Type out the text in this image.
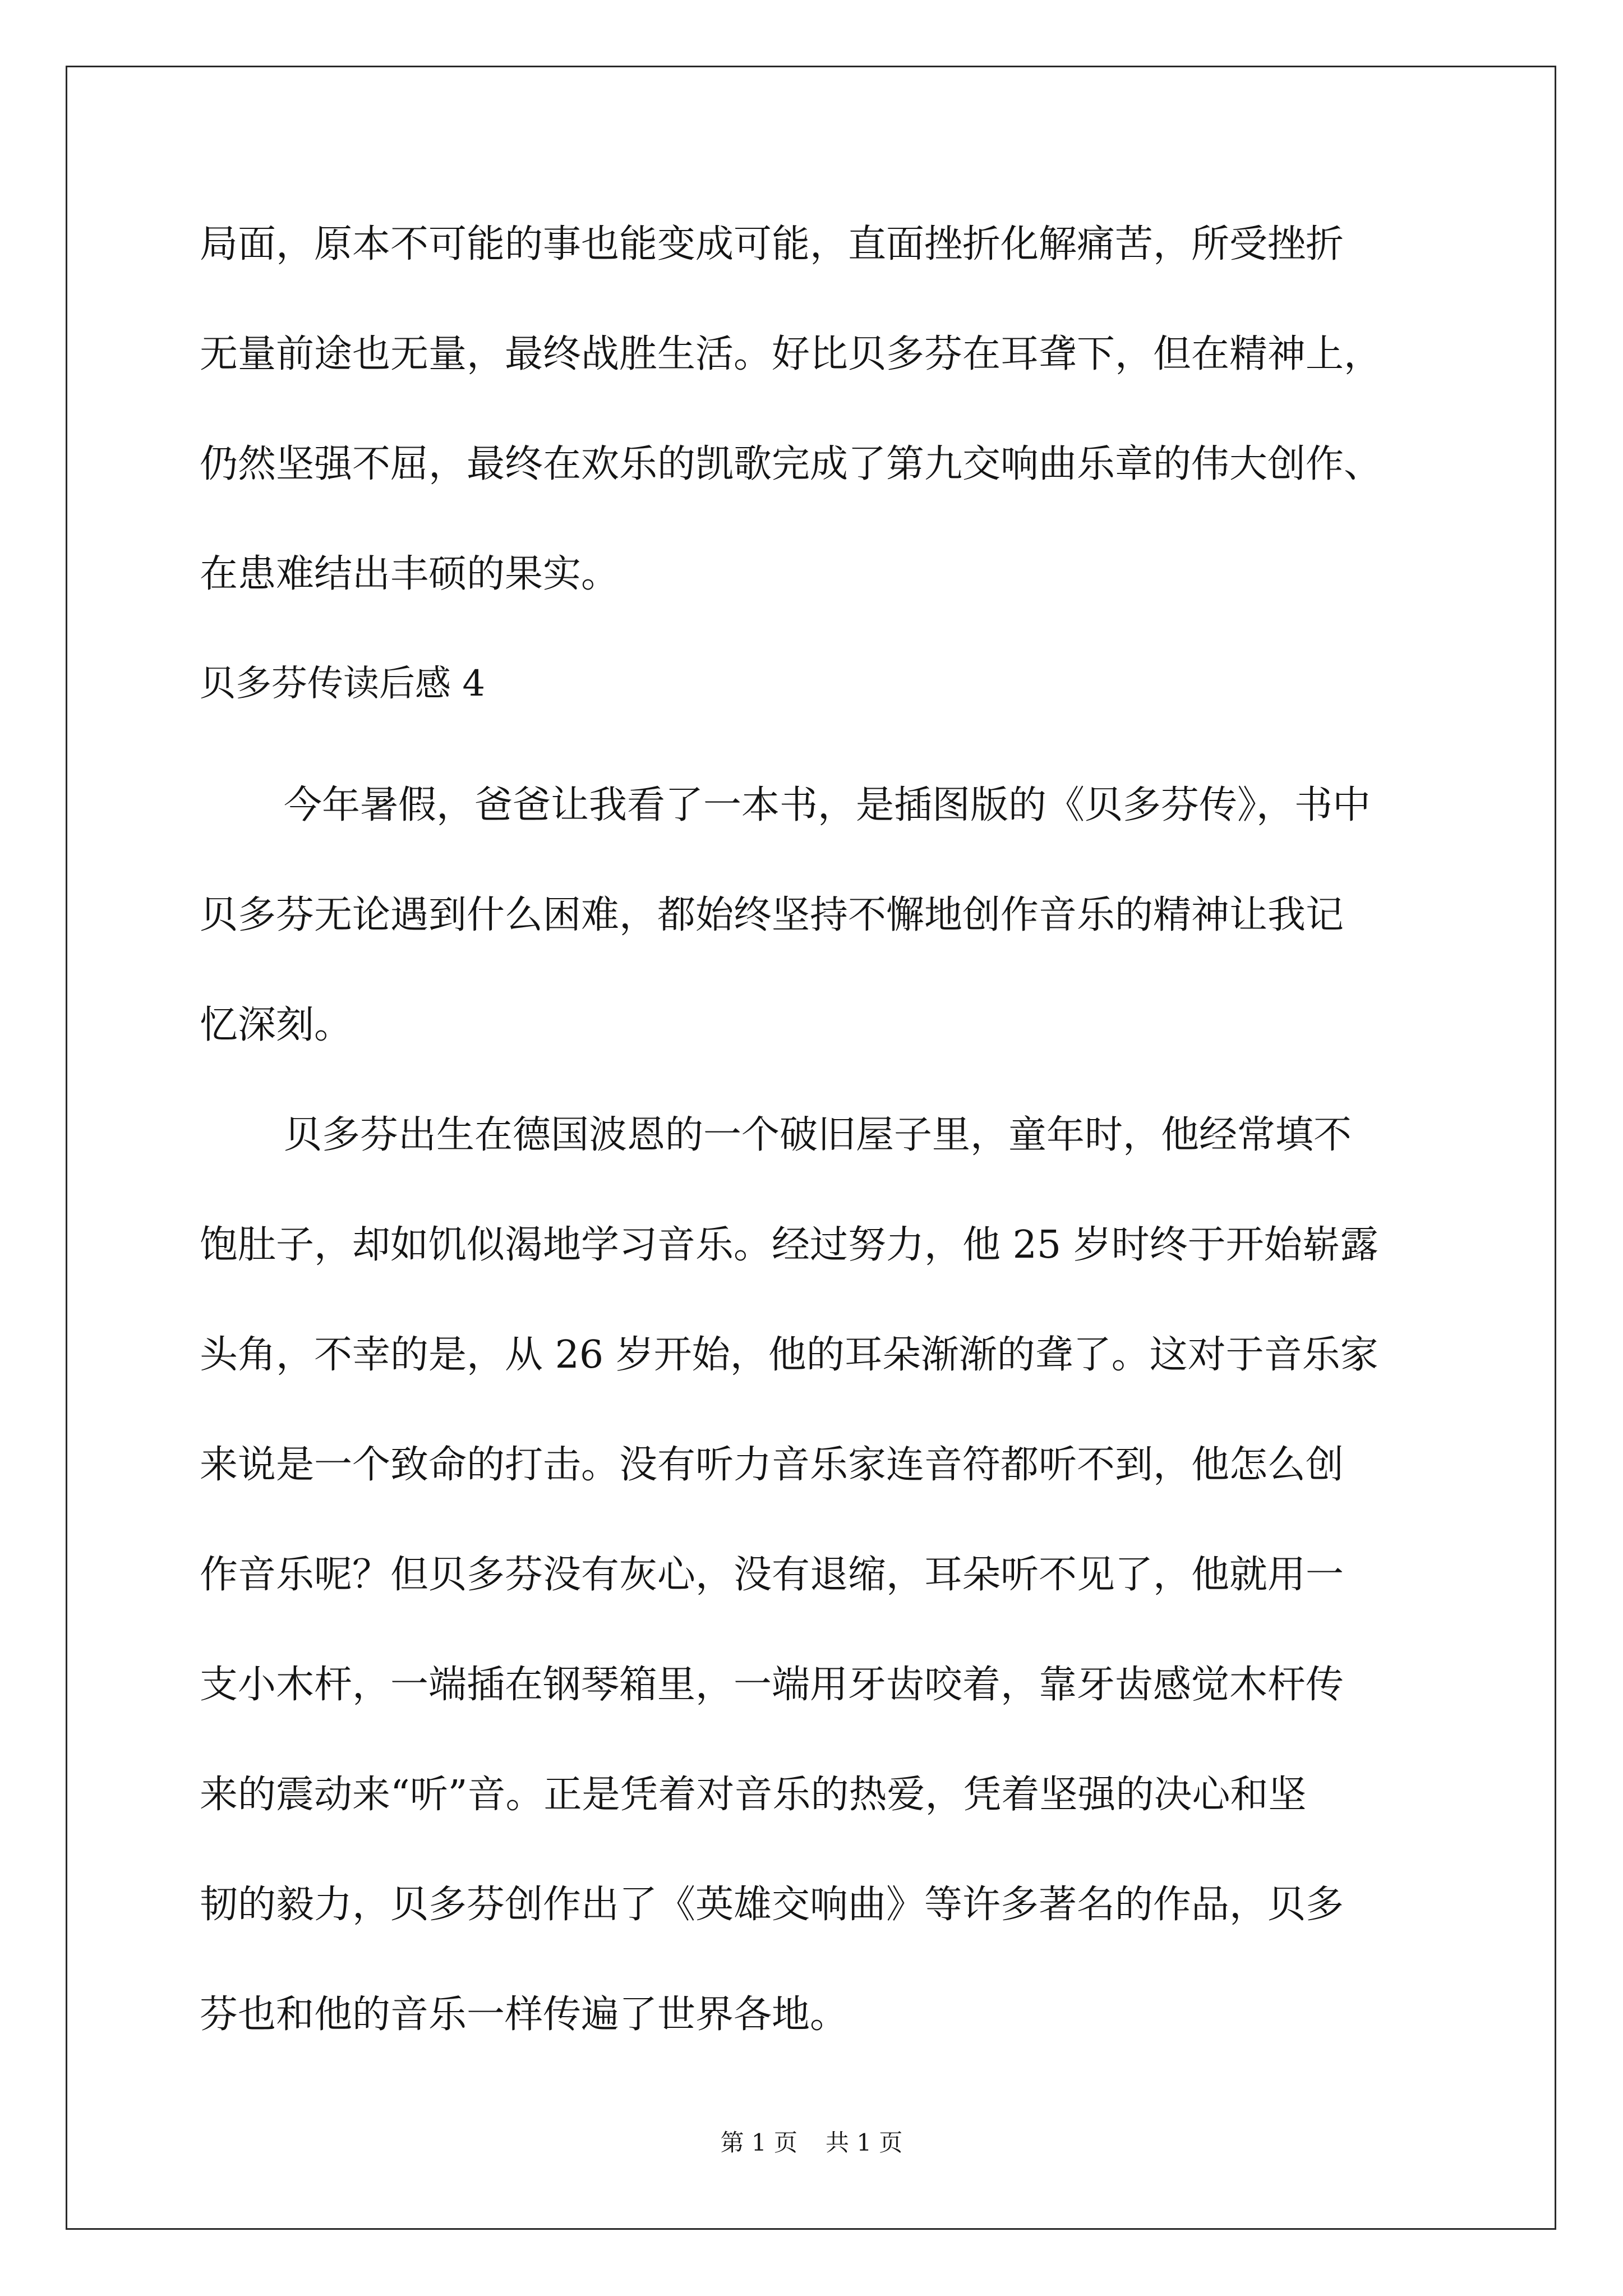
局面，原本不可能的事也能变成可能，直面挫折化解痛苦，所受挫折
无量前途也无量，最终战胜生活。好比贝多芬在耳聋下，但在精神上，
仍然坚强不屈，最终在欢乐的凯歌完成了第九交响曲乐章的伟大创作、
在患难结出丰硕的果实。
贝多芬传读后感 4
今年暑假，爸爸让我看了一本书，是插图版的《贝多芬传》，书中
贝多芬无论遇到什么困难，都始终坚持不懈地创作音乐的精神让我记
忆深刻。
贝多芬出生在德国波恩的一个破旧屋子里，童年时，他经常填不
饱肚子，却如饥似渴地学习音乐。经过努力，他 25 岁时终于开始崭露
头角，不幸的是，从 26 岁开始，他的耳朵渐渐的聋了。这对于音乐家
来说是一个致命的打击。没有听力音乐家连音符都听不到，他怎么创
作音乐呢？但贝多芬没有灰心，没有退缩，耳朵听不见了，他就用一
支小木杆，一端插在钢琴箱里，一端用牙齿咬着，靠牙齿感觉木杆传
来的震动来“听”音。正是凭着对音乐的热爱，凭着坚强的决心和坚
韧的毅力，贝多芬创作出了《英雄交响曲》等许多著名的作品，贝多
芬也和他的音乐一样传遍了世界各地。
第 1 页 共 1 页
